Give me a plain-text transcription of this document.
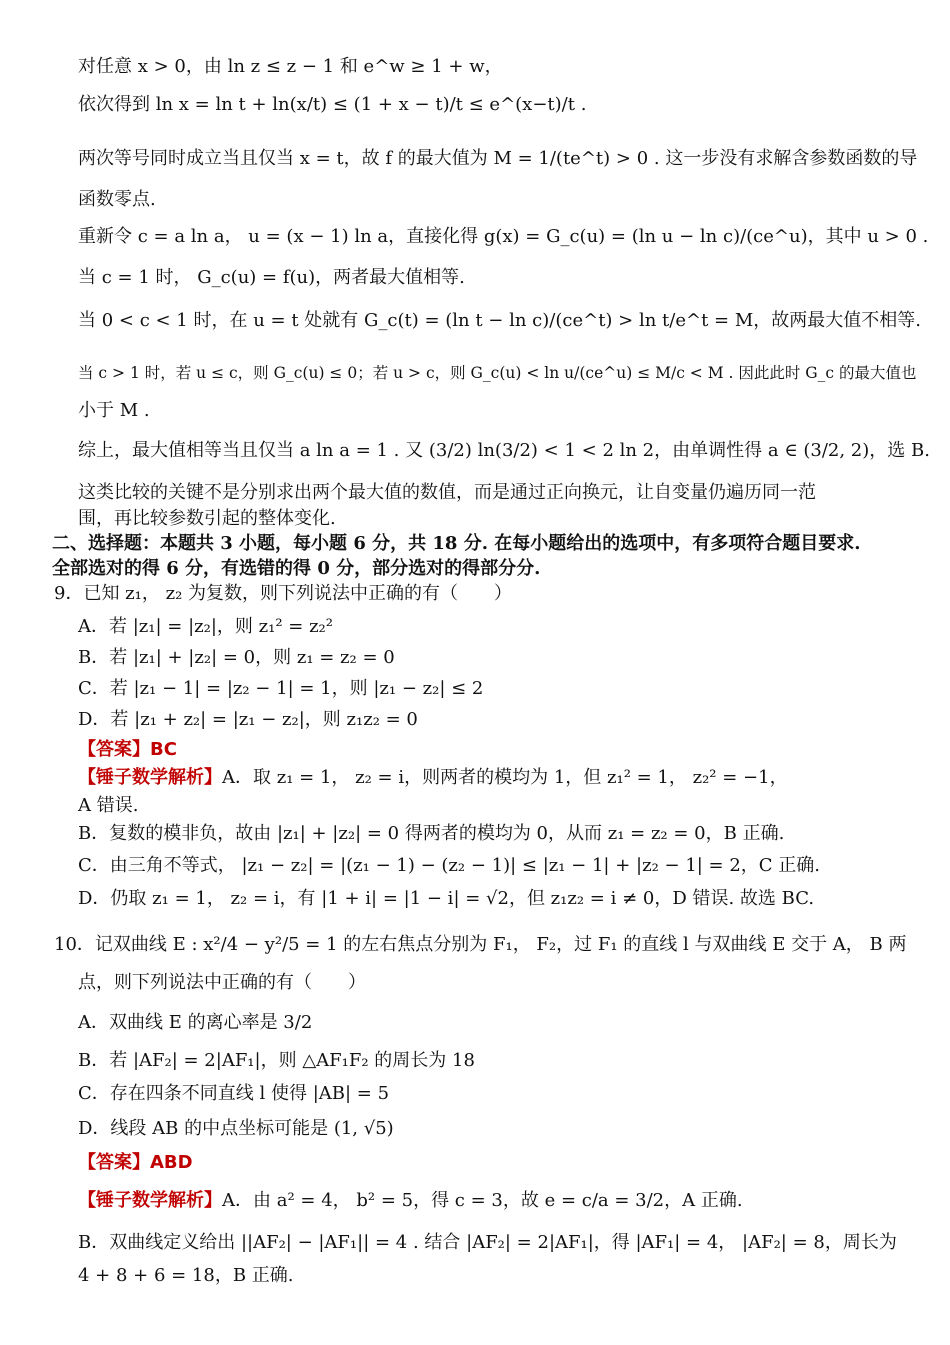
对任意 x > 0，由 ln z ≤ z − 1 和 e^w ≥ 1 + w，
依次得到 ln x = ln t + ln(x/t) ≤ (1 + x − t)/t ≤ e^(x−t)/t .
两次等号同时成立当且仅当 x = t，故 f 的最大值为 M = 1/(te^t) > 0 . 这一步没有求解含参数函数的导
函数零点.
重新令 c = a ln a， u = (x − 1) ln a，直接化得 g(x) = G_c(u) = (ln u − ln c)/(ce^u)，其中 u > 0 .
当 c = 1 时， G_c(u) = f(u)，两者最大值相等.
当 0 < c < 1 时，在 u = t 处就有 G_c(t) = (ln t − ln c)/(ce^t) > ln t/e^t = M，故两最大值不相等.
当 c > 1 时，若 u ≤ c，则 G_c(u) ≤ 0；若 u > c，则 G_c(u) < ln u/(ce^u) ≤ M/c < M . 因此此时 G_c 的最大值也
小于 M .
综上，最大值相等当且仅当 a ln a = 1 . 又 (3/2) ln(3/2) < 1 < 2 ln 2，由单调性得 a ∈ (3/2, 2)，选 B.
这类比较的关键不是分别求出两个最大值的数值，而是通过正向换元，让自变量仍遍历同一范
围，再比较参数引起的整体变化.
二、选择题：本题共 3 小题，每小题 6 分，共 18 分. 在每小题给出的选项中，有多项符合题目要求.
全部选对的得 6 分，有选错的得 0 分，部分选对的得部分分.
9．已知 z₁， z₂ 为复数，则下列说法中正确的有（　　）
A．若 |z₁| = |z₂|，则 z₁² = z₂²
B．若 |z₁| + |z₂| = 0，则 z₁ = z₂ = 0
C．若 |z₁ − 1| = |z₂ − 1| = 1，则 |z₁ − z₂| ≤ 2
D．若 |z₁ + z₂| = |z₁ − z₂|，则 z₁z₂ = 0
【答案】BC
【锤子数学解析】A．取 z₁ = 1， z₂ = i，则两者的模均为 1，但 z₁² = 1， z₂² = −1，
A 错误.
B．复数的模非负，故由 |z₁| + |z₂| = 0 得两者的模均为 0，从而 z₁ = z₂ = 0，B 正确.
C．由三角不等式， |z₁ − z₂| = |(z₁ − 1) − (z₂ − 1)| ≤ |z₁ − 1| + |z₂ − 1| = 2，C 正确.
D．仍取 z₁ = 1， z₂ = i，有 |1 + i| = |1 − i| = √2，但 z₁z₂ = i ≠ 0，D 错误. 故选 BC.
10．记双曲线 E : x²/4 − y²/5 = 1 的左右焦点分别为 F₁， F₂，过 F₁ 的直线 l 与双曲线 E 交于 A， B 两
点，则下列说法中正确的有（　　）
A．双曲线 E 的离心率是 3/2
B．若 |AF₂| = 2|AF₁|，则 △AF₁F₂ 的周长为 18
C．存在四条不同直线 l 使得 |AB| = 5
D．线段 AB 的中点坐标可能是 (1, √5)
【答案】ABD
【锤子数学解析】A．由 a² = 4， b² = 5，得 c = 3，故 e = c/a = 3/2，A 正确.
B．双曲线定义给出 ||AF₂| − |AF₁|| = 4 . 结合 |AF₂| = 2|AF₁|，得 |AF₁| = 4， |AF₂| = 8，周长为
4 + 8 + 6 = 18，B 正确.
